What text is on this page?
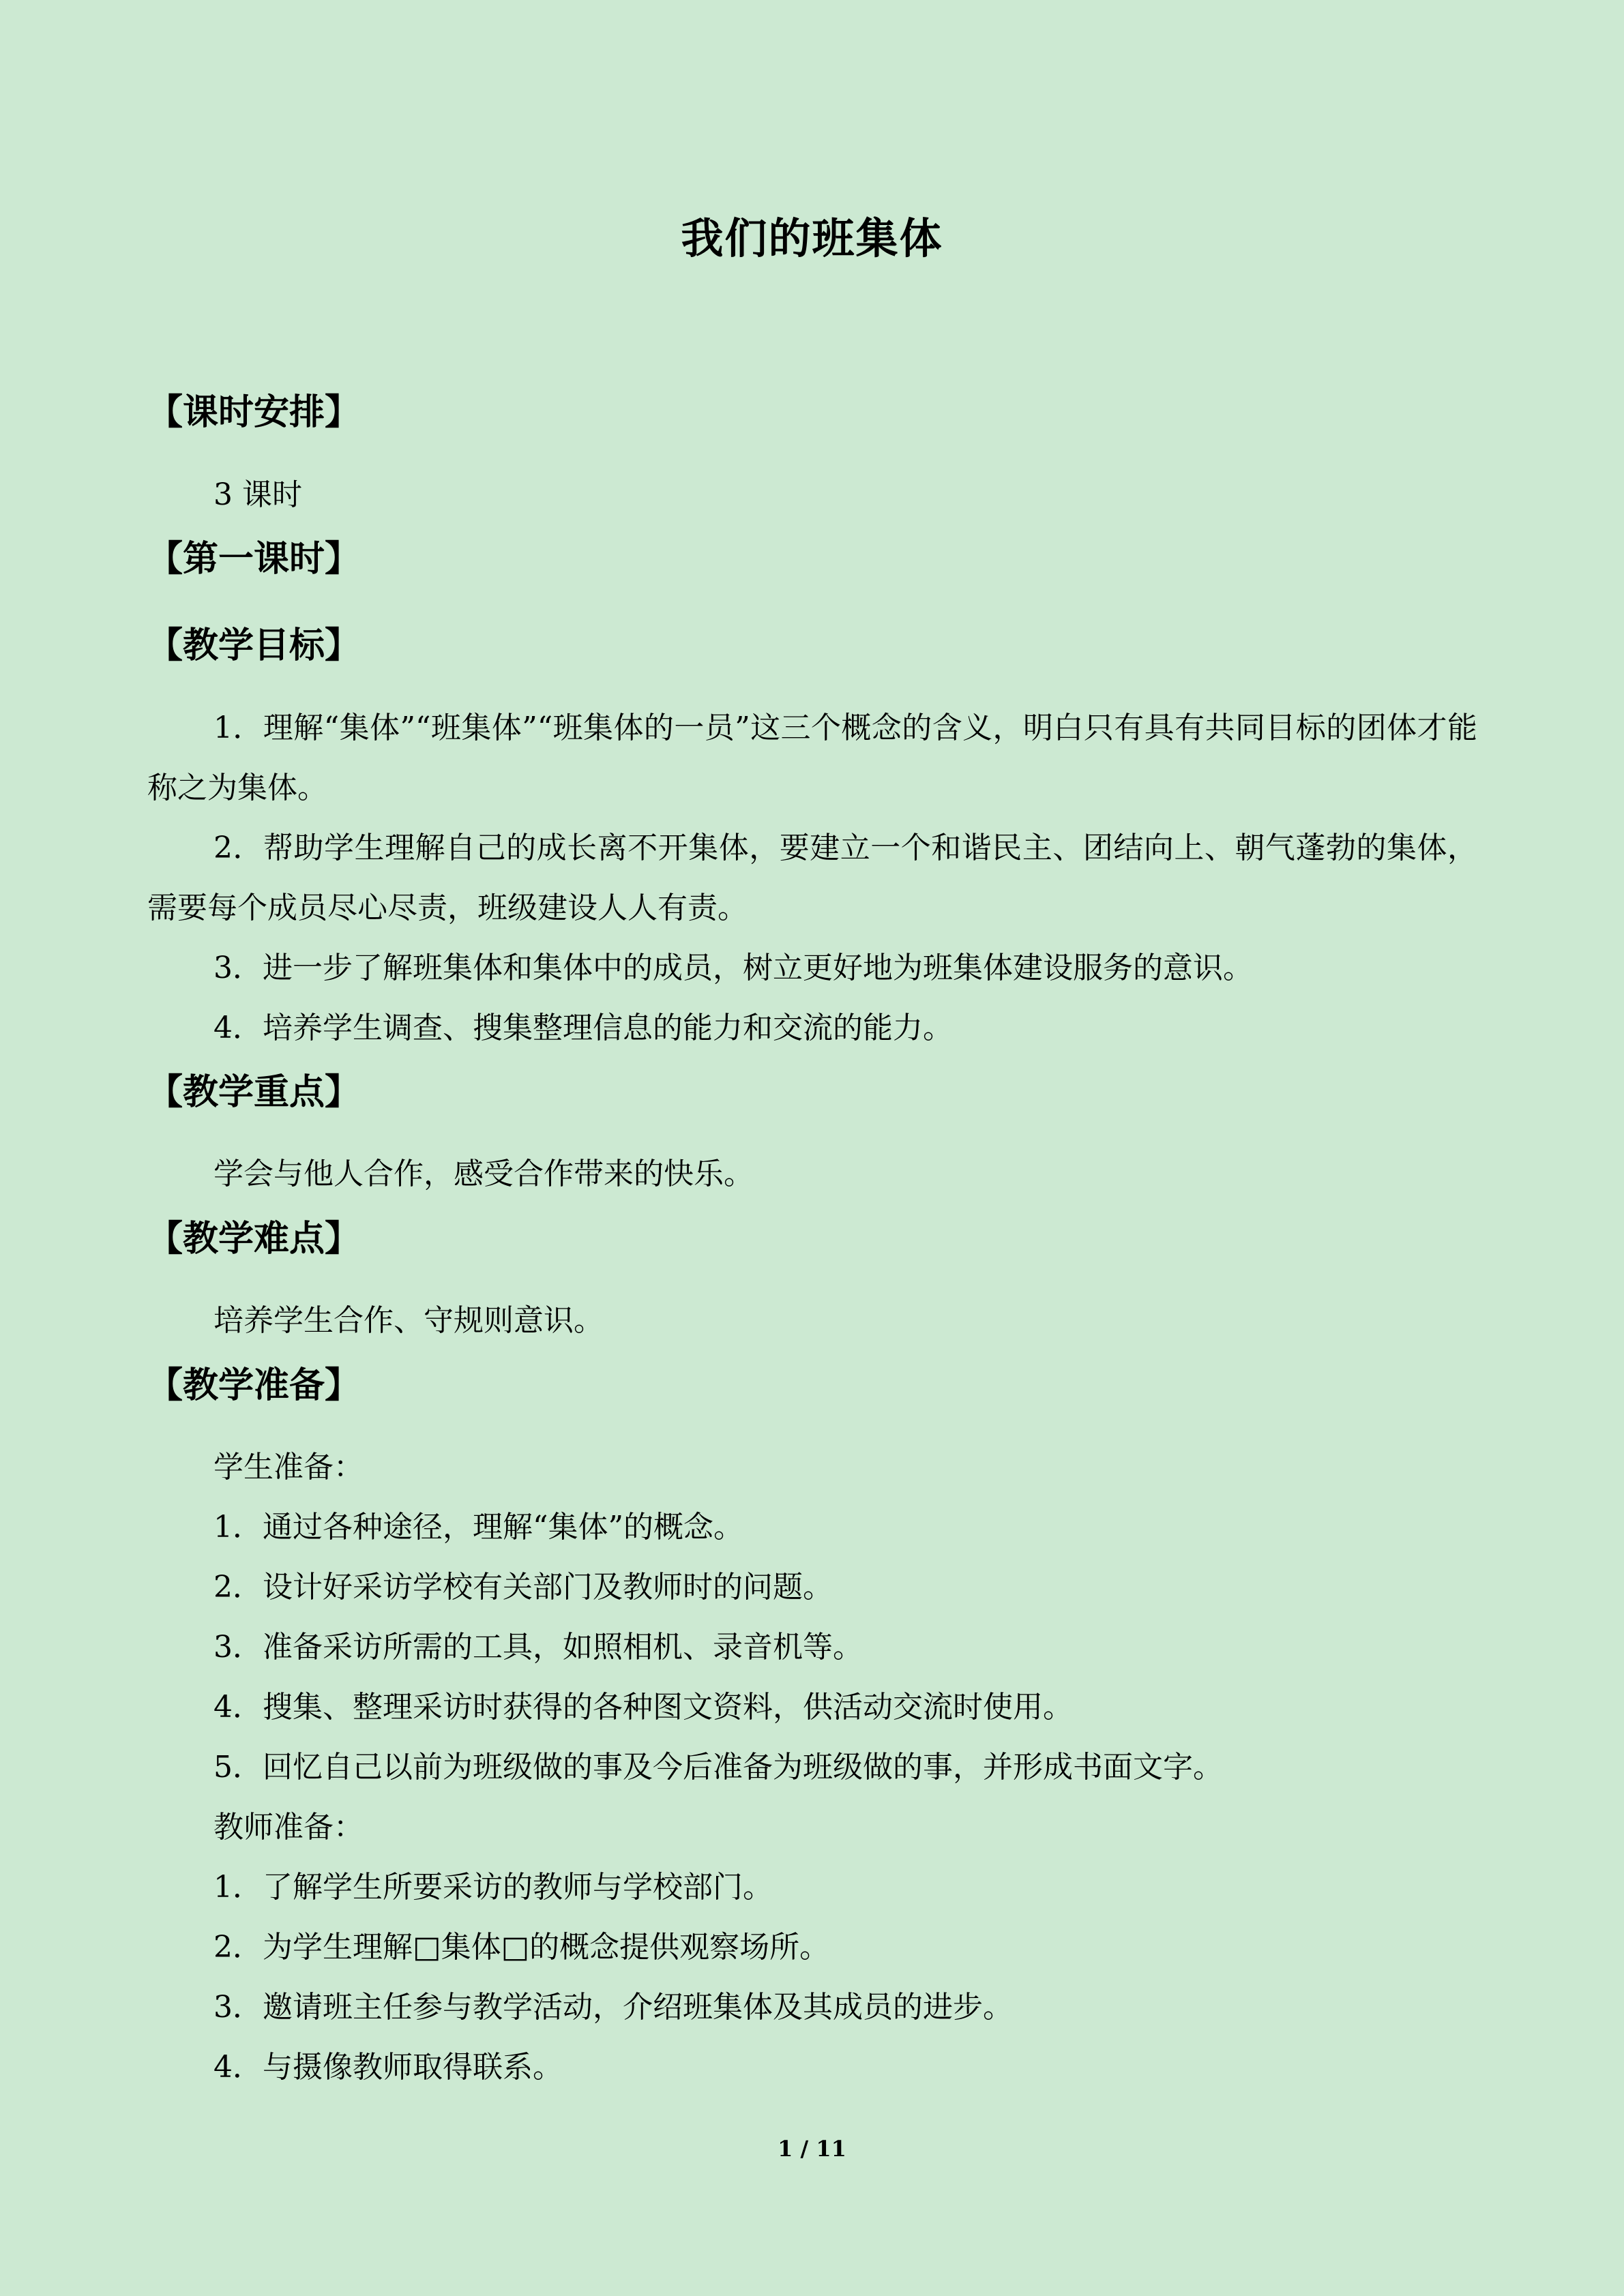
我们的班集体
【课时安排】

3 课时

【第一课时】
【教学目标】

1．理解“集体”“班集体”“班集体的一员”这三个概念的含义，明白只有具有共同目标的团体才能称之为集体。

2．帮助学生理解自己的成长离不开集体，要建立一个和谐民主、团结向上、朝气蓬勃的集体，需要每个成员尽心尽责，班级建设人人有责。

3．进一步了解班集体和集体中的成员，树立更好地为班集体建设服务的意识。

4．培养学生调查、搜集整理信息的能力和交流的能力。

【教学重点】

学会与他人合作，感受合作带来的快乐。

【教学难点】

培养学生合作、守规则意识。

【教学准备】

学生准备：

1．通过各种途径，理解“集体”的概念。

2．设计好采访学校有关部门及教师时的问题。

3．准备采访所需的工具，如照相机、录音机等。

4．搜集、整理采访时获得的各种图文资料，供活动交流时使用。

5．回忆自己以前为班级做的事及今后准备为班级做的事，并形成书面文字。

教师准备：

1．了解学生所要采访的教师与学校部门。

2．为学生理解□集体□的概念提供观察场所。

3．邀请班主任参与教学活动，介绍班集体及其成员的进步。

4．与摄像教师取得联系。

1 / 11
